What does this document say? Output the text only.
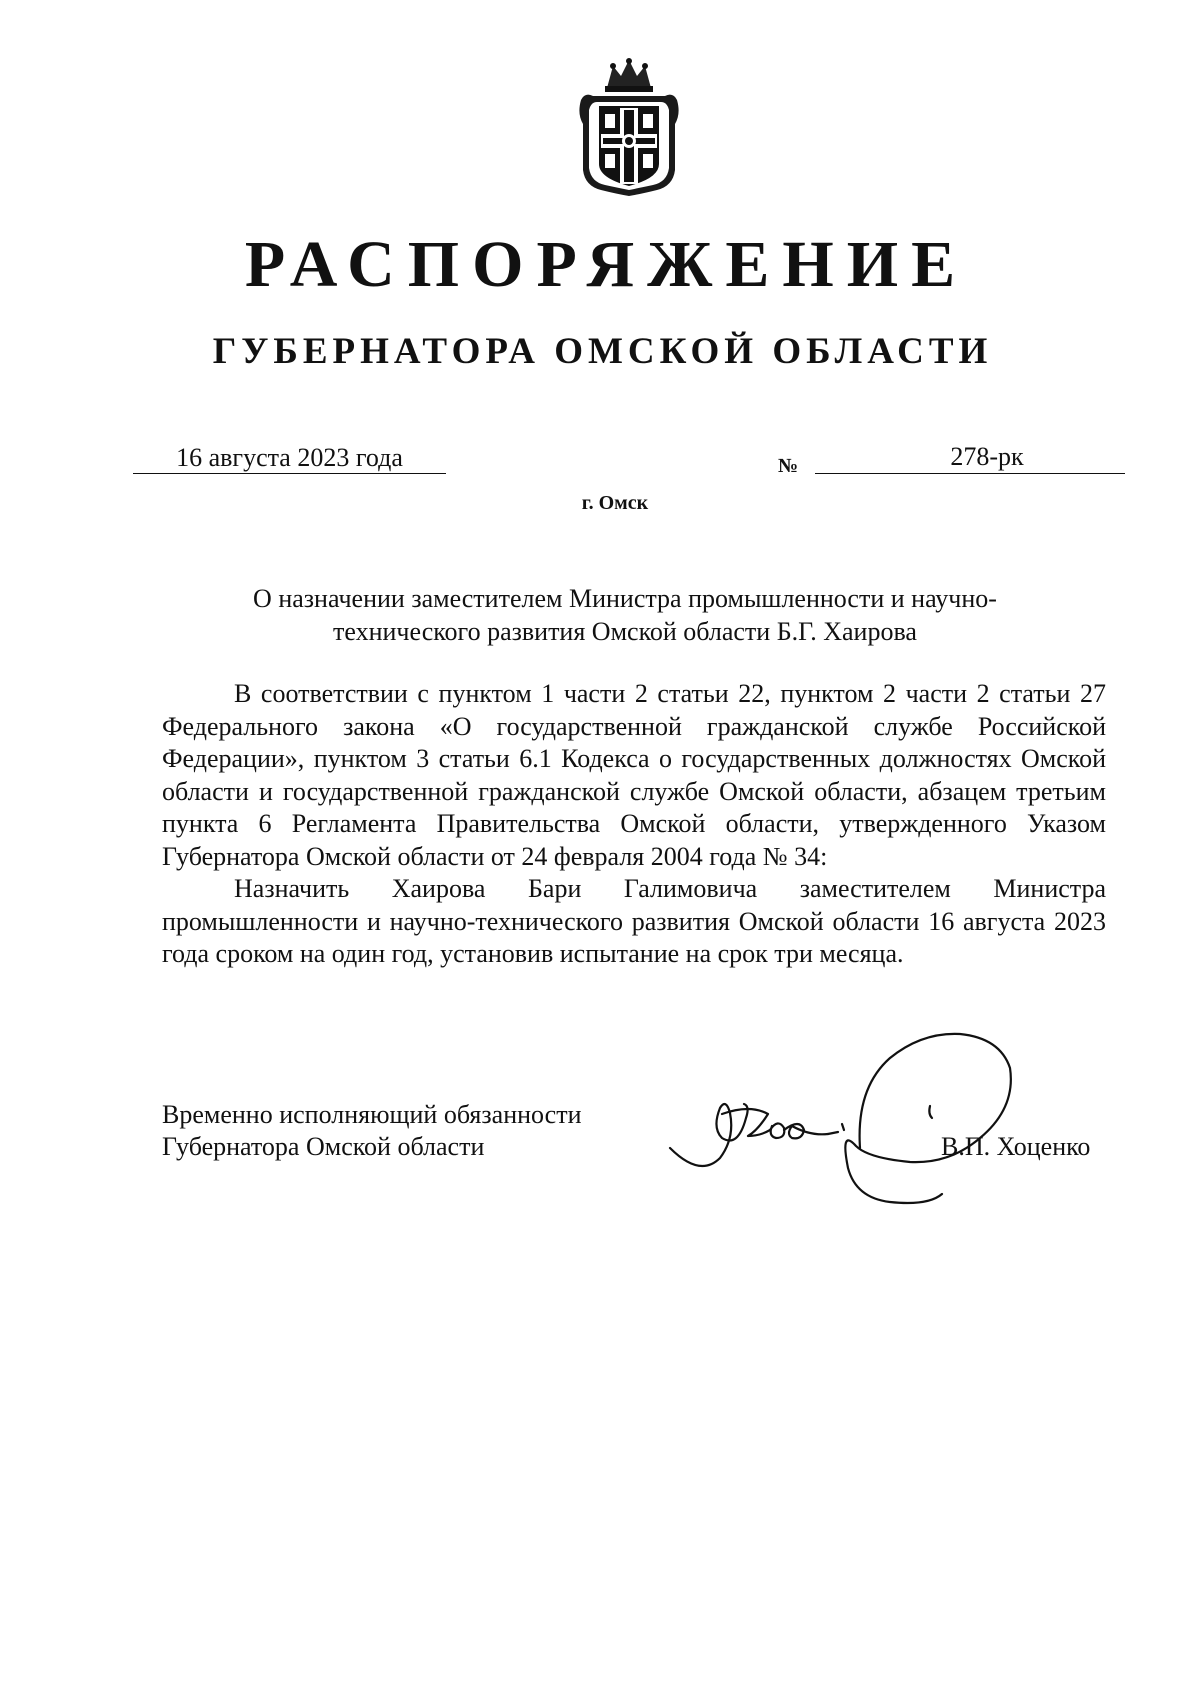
РАСПОРЯЖЕНИЕ
ГУБЕРНАТОРА ОМСКОЙ ОБЛАСТИ
16 августа 2023 года	№	278-рк
г. Омск
О назначении заместителем Министра промышленности и научно-
технического развития Омской области Б.Г. Хаирова

В соответствии с пунктом 1 части 2 статьи 22, пунктом 2 части 2 статьи 27 Федерального закона «О государственной гражданской службе Российской Федерации», пунктом 3 статьи 6.1 Кодекса о государственных должностях Омской области и государственной гражданской службе Омской области, абзацем третьим пункта 6 Регламента Правительства Омской области, утвержденного Указом Губернатора Омской области от 24 февраля 2004 года № 34:

Назначить Хаирова Бари Галимовича заместителем Министра промышленности и научно-технического развития Омской области 16 августа 2023 года сроком на один год, установив испытание на срок три месяца.

Временно исполняющий обязанности
Губернатора Омской области	В.П. Хоценко
